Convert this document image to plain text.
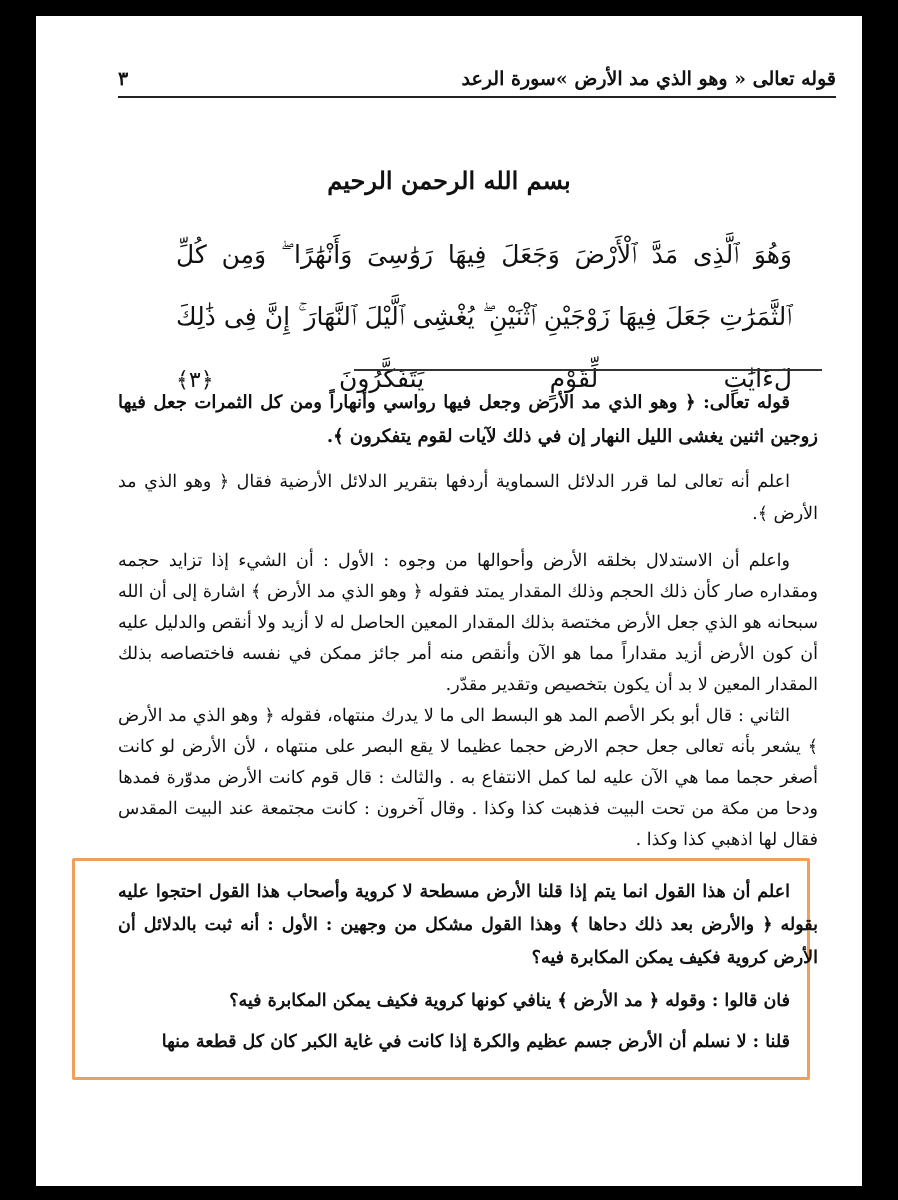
قوله تعالى « وهو الذي مد الأرض »سورة الرعد
٣
بسم الله الرحمن الرحيم
وَهُوَ ٱلَّذِى مَدَّ ٱلْأَرْضَ وَجَعَلَ فِيهَا رَوَٰسِىَ وَأَنْهَٰرًا ۖ وَمِن كُلِّ ٱلثَّمَرَٰتِ جَعَلَ فِيهَا زَوْجَيْنِ ٱثْنَيْنِ ۖ يُغْشِى ٱلَّيْلَ ٱلنَّهَارَ ۚ إِنَّ فِى ذَٰلِكَ لَءَايَٰتٍ لِّقَوْمٍ يَتَفَكَّرُونَ ﴿٣﴾

قوله تعالى: ﴿ وهو الذي مد الأرض وجعل فيها رواسي وأنهاراً ومن كل الثمرات جعل فيها زوجين اثنين يغشى الليل النهار إن في ذلك لآيات لقوم يتفكرون ﴾.

اعلم أنه تعالى لما قرر الدلائل السماوية أردفها بتقرير الدلائل الأرضية فقال ﴿ وهو الذي مد الأرض ﴾.

واعلم أن الاستدلال بخلقه الأرض وأحوالها من وجوه : الأول : أن الشيء إذا تزايد حجمه ومقداره صار كأن ذلك الحجم وذلك المقدار يمتد فقوله ﴿ وهو الذي مد الأرض ﴾ اشارة إلى أن الله سبحانه هو الذي جعل الأرض مختصة بذلك المقدار المعين الحاصل له لا أزيد ولا أنقص والدليل عليه أن كون الأرض أزيد مقداراً مما هو الآن وأنقص منه أمر جائز ممكن في نفسه فاختصاصه بذلك المقدار المعين لا بد أن يكون بتخصيص وتقدير مقدّر.

الثاني : قال أبو بكر الأصم المد هو البسط الى ما لا يدرك منتهاه، فقوله ﴿ وهو الذي مد الأرض ﴾ يشعر بأنه تعالى جعل حجم الارض حجما عظيما لا يقع البصر على منتهاه ، لأن الأرض لو كانت أصغر حجما مما هي الآن عليه لما كمل الانتفاع به . والثالث : قال قوم كانت الأرض مدوّرة فمدها ودحا من مكة من تحت البيت فذهبت كذا وكذا . وقال آخرون : كانت مجتمعة عند البيت المقدس فقال لها اذهبي كذا وكذا .

اعلم أن هذا القول انما يتم إذا قلنا الأرض مسطحة لا كروية وأصحاب هذا القول احتجوا عليه بقوله ﴿ والأرض بعد ذلك دحاها ﴾ وهذا القول مشكل من وجهين : الأول : أنه ثبت بالدلائل أن الأرض كروية فكيف يمكن المكابرة فيه؟

فان قالوا : وقوله ﴿ مد الأرض ﴾ ينافي كونها كروية فكيف يمكن المكابرة فيه؟

قلنا : لا نسلم أن الأرض جسم عظيم والكرة إذا كانت في غاية الكبر كان كل قطعة منها
